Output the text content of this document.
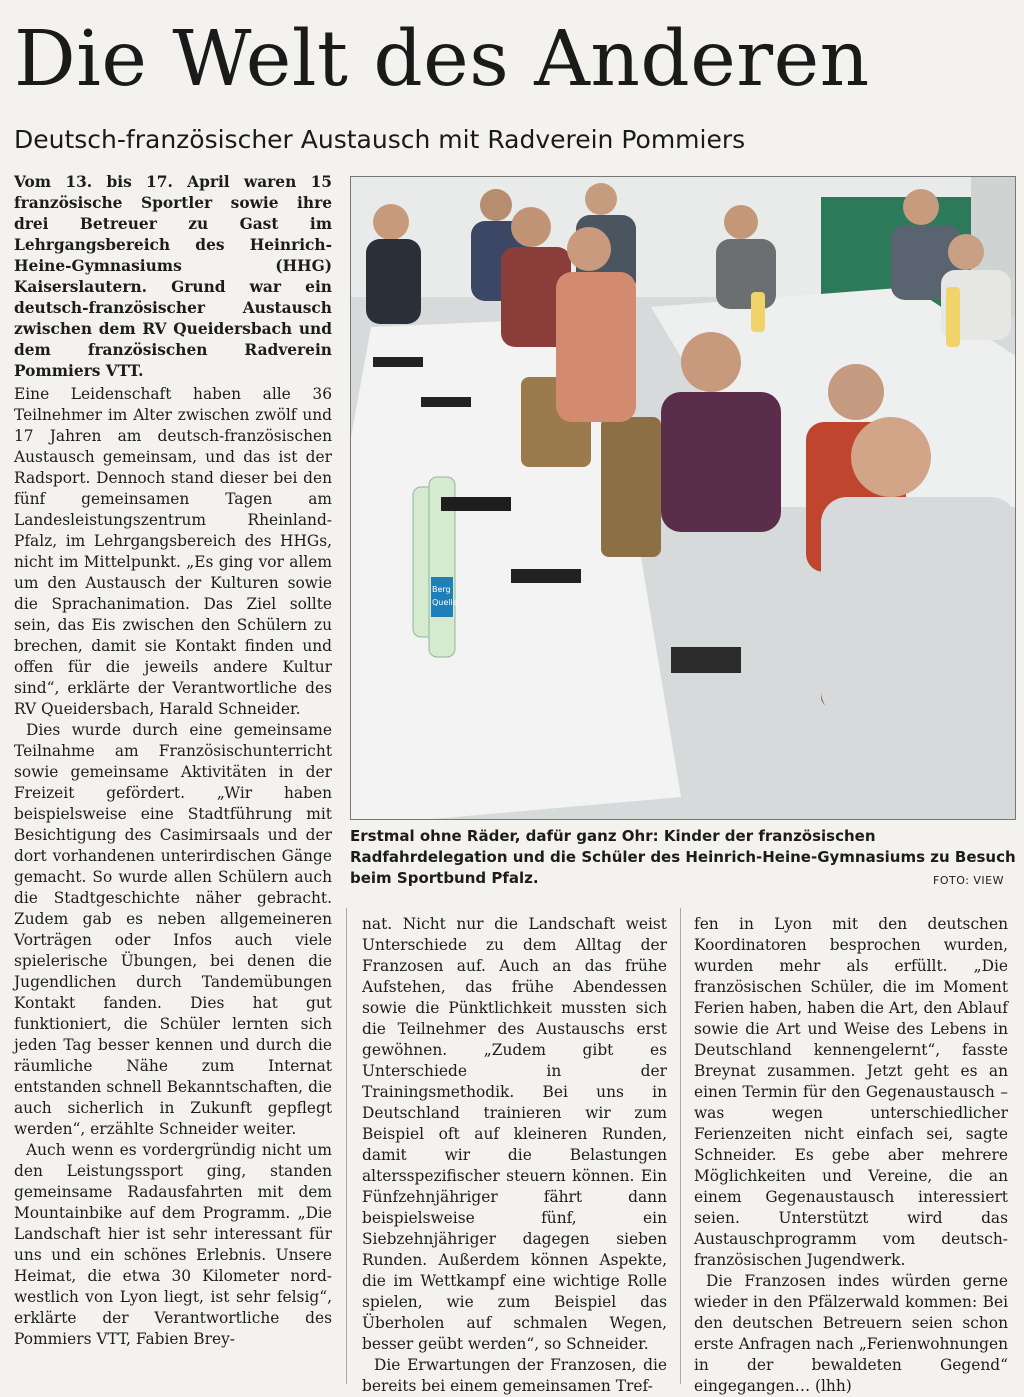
Die Welt des Anderen
Deutsch-französischer Austausch mit Radverein Pommiers

Vom 13. bis 17. April waren 15 französische Sportler sowie ihre drei Betreuer zu Gast im Lehrgangsbereich des Heinrich-Heine-Gymnasiums (HHG) Kaiserslautern. Grund war ein deutsch-französischer Austausch zwischen dem RV Queidersbach und dem französischen Radverein Pommiers VTT.

Eine Leidenschaft haben alle 36 Teilnehmer im Alter zwischen zwölf und 17 Jahren am deutsch-französischen Austausch gemeinsam, und das ist der Radsport. Dennoch stand dieser bei den fünf gemeinsamen Tagen am Landesleistungszentrum Rheinland-Pfalz, im Lehrgangsbereich des HHGs, nicht im Mittelpunkt. „Es ging vor allem um den Austausch der Kulturen sowie die Sprachanimation. Das Ziel sollte sein, das Eis zwischen den Schülern zu brechen, damit sie Kontakt finden und offen für die jeweils andere Kultur sind“, erklärte der Verantwortliche des RV Queidersbach, Harald Schneider.

Dies wurde durch eine gemeinsame Teilnahme am Französischunterricht sowie gemeinsame Aktivitäten in der Freizeit gefördert. „Wir haben beispielsweise eine Stadtführung mit Besichtigung des Casimirsaals und der dort vorhandenen unterirdischen Gänge gemacht. So wurde allen Schülern auch die Stadtgeschichte näher gebracht. Zudem gab es neben allgemeineren Vorträgen oder Infos auch viele spielerische Übungen, bei denen die Jugendlichen durch Tandemübungen Kontakt fanden. Dies hat gut funktioniert, die Schüler lernten sich jeden Tag besser kennen und durch die räumliche Nähe zum Internat entstanden schnell Bekanntschaften, die auch sicherlich in Zukunft gepflegt werden“, erzählte Schneider weiter.

Auch wenn es vordergründig nicht um den Leistungssport ging, standen gemeinsame Radausfahrten mit dem Mountainbike auf dem Programm. „Die Landschaft hier ist sehr interessant für uns und ein schönes Erlebnis. Unsere Heimat, die etwa 30 Kilometer nord-westlich von Lyon liegt, ist sehr felsig“, erklärte der Verantwortliche des Pommiers VTT, Fabien Brey-

Berg
Quelle

Erstmal ohne Räder, dafür ganz Ohr: Kinder der französischen Radfahrdelegation und die Schüler des Heinrich-Heine-Gymnasiums zu Besuch beim Sportbund Pfalz.	FOTO: VIEW

nat. Nicht nur die Landschaft weist Unterschiede zu dem Alltag der Franzosen auf. Auch an das frühe Aufstehen, das frühe Abendessen sowie die Pünktlichkeit mussten sich die Teilnehmer des Austauschs erst gewöhnen. „Zudem gibt es Unterschiede in der Trainingsmethodik. Bei uns in Deutschland trainieren wir zum Beispiel oft auf kleineren Runden, damit wir die Belastungen altersspezifischer steuern können. Ein Fünfzehnjähriger fährt dann beispielsweise fünf, ein Siebzehnjähriger dagegen sieben Runden. Außerdem können Aspekte, die im Wettkampf eine wichtige Rolle spielen, wie zum Beispiel das Überholen auf schmalen Wegen, besser geübt werden“, so Schneider.

Die Erwartungen der Franzosen, die bereits bei einem gemeinsamen Tref-

fen in Lyon mit den deutschen Koordinatoren besprochen wurden, wurden mehr als erfüllt. „Die französischen Schüler, die im Moment Ferien haben, haben die Art, den Ablauf sowie die Art und Weise des Lebens in Deutschland kennengelernt“, fasste Breynat zusammen. Jetzt geht es an einen Termin für den Gegenaustausch – was wegen unterschiedlicher Ferienzeiten nicht einfach sei, sagte Schneider. Es gebe aber mehrere Möglichkeiten und Vereine, die an einem Gegenaustausch interessiert seien. Unterstützt wird das Austauschprogramm vom deutsch-französischen Jugendwerk.

Die Franzosen indes würden gerne wieder in den Pfälzerwald kommen: Bei den deutschen Betreuern seien schon erste Anfragen nach „Ferienwohnungen in der bewaldeten Gegend“ eingegangen… (lhh)
